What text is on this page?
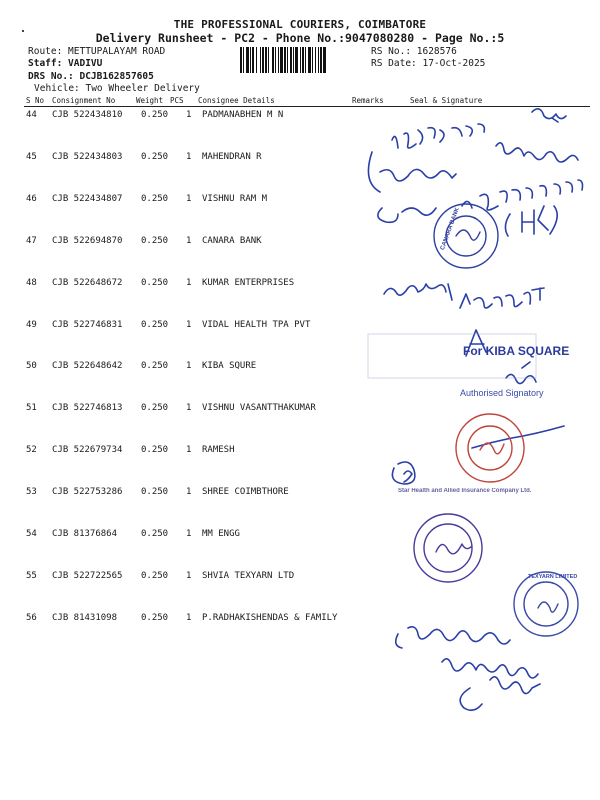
THE PROFESSIONAL COURIERS, COIMBATORE
Delivery Runsheet - PC2 - Phone No.:9047080280 - Page No.:5
Route: METTUPALAYAM ROAD
Staff: VADIVU
DRS No.: DCJB162857605
Vehicle: Two Wheeler Delivery
RS No.: 1628576
RS Date: 17-Oct-2025
S No Consignment No	Weight PCS Consignee Details	Remarks	Seal & Signature
44 CJB 522434810 0.250 1 PADMANABHEN M N
45 CJB 522434803 0.250 1 MAHENDRAN R
46 CJB 522434807 0.250 1 VISHNU RAM M
47 CJB 522694870 0.250 1 CANARA BANK
48 CJB 522648672 0.250 1 KUMAR ENTERPRISES
49 CJB 522746831 0.250 1 VIDAL HEALTH TPA PVT
50 CJB 522648642 0.250 1 KIBA SQURE
51 CJB 522746813 0.250 1 VISHNU VASANTTHAKUMAR
52 CJB 522679734 0.250 1 RAMESH
53 CJB 522753286 0.250 1 SHREE COIMBTHORE
54 CJB 81376864	0.250 1 MM ENGG
55 CJB 522722565 0.250 1 SHVIA TEXYARN LTD
56 CJB 81431098	0.250 1 P.RADHAKISHENDAS & FAMILY
For KIBA SQUARE
Authorised Signatory
CANARA BANK
TEXYARN LIMITED
Star Health and Allied Insurance Company Ltd.
